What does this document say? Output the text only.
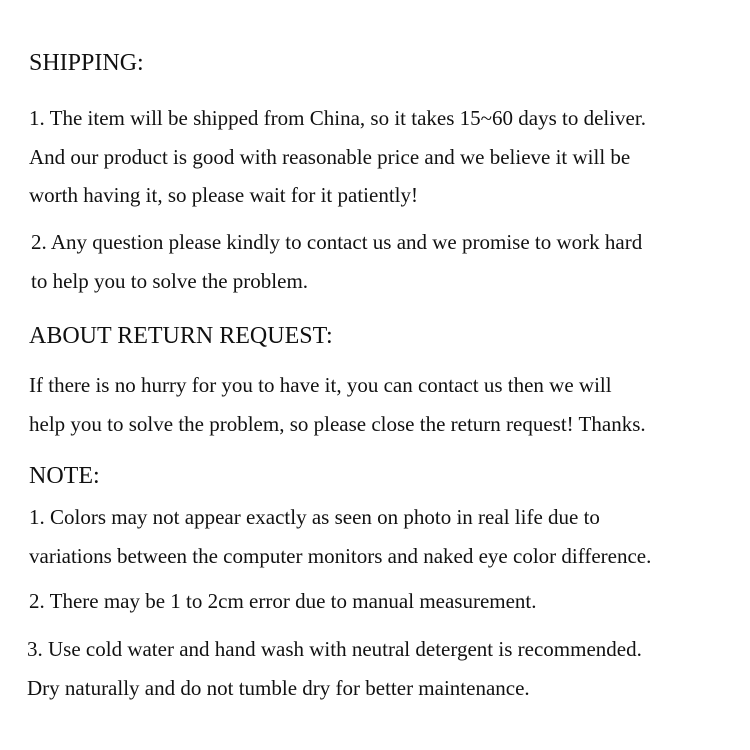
SHIPPING:
1. The item will be shipped from China, so it takes 15~60 days to deliver.
And our product is good with reasonable price and we believe it will be
worth having it, so please wait for it patiently!
2. Any question please kindly to contact us and we promise to work hard
to help you to solve the problem.
ABOUT RETURN REQUEST:
If there is no hurry for you to have it, you can contact us then we will
help you to solve the problem, so please close the return request! Thanks.
NOTE:
1. Colors may not appear exactly as seen on photo in real life due to
variations between the computer monitors and naked eye color difference.
2. There may be 1 to 2cm error due to manual measurement.
3. Use cold water and hand wash with neutral detergent is recommended.
Dry naturally and do not tumble dry for better maintenance.
